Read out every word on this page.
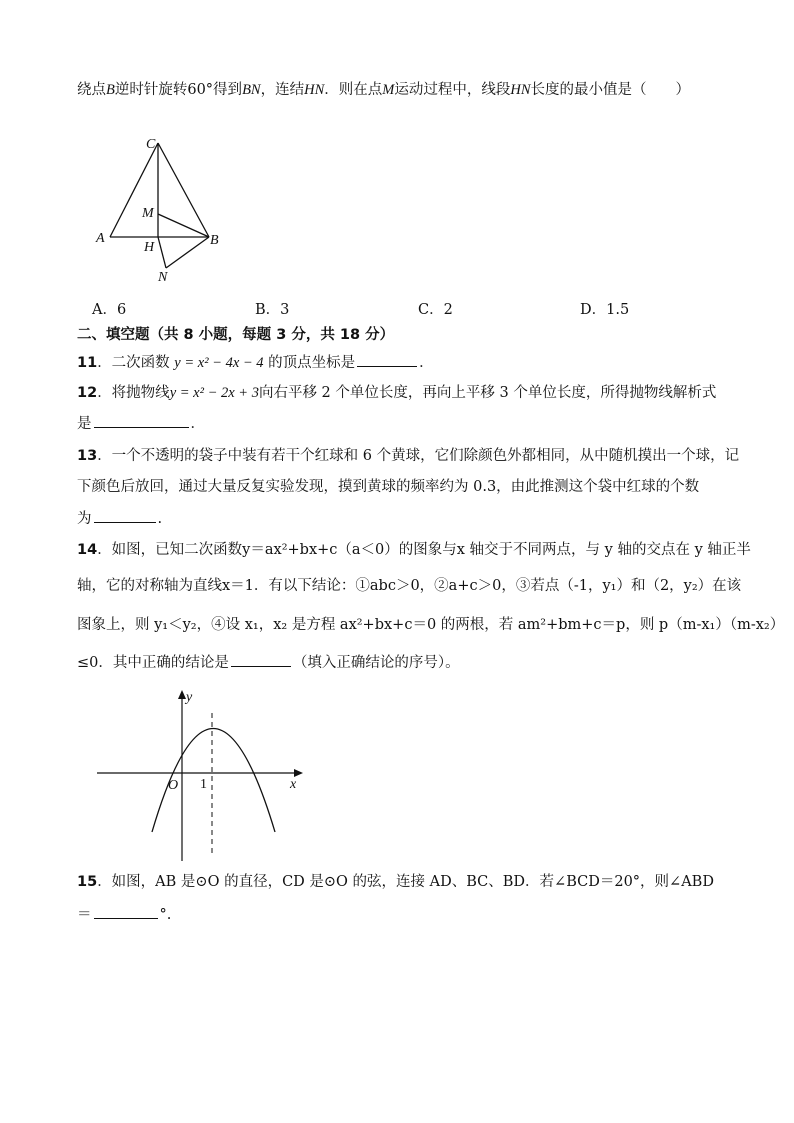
绕点B逆时针旋转60°得到BN，连结HN．则在点M运动过程中，线段HN长度的最小值是（　　）
C
M
A
H	B
N
A．6	B．3	C．2	D．1.5
二、填空题（共 8 小题，每题 3 分，共 18 分）
11．二次函数 y = x² − 4x − 4 的顶点坐标是	．
12．将抛物线y = x² − 2x + 3向右平移 2 个单位长度，再向上平移 3 个单位长度，所得抛物线解析式
是	．
13．一个不透明的袋子中装有若干个红球和 6 个黄球，它们除颜色外都相同，从中随机摸出一个球，记
下颜色后放回，通过大量反复实验发现，摸到黄球的频率约为 0.3，由此推测这个袋中红球的个数
为	.
14．如图，已知二次函数y＝ax²+bx+c（a＜0）的图象与x 轴交于不同两点，与 y 轴的交点在 y 轴正半
轴，它的对称轴为直线x＝1．有以下结论：①abc＞0，②a+c＞0，③若点（-1，y₁）和（2，y₂）在该
图象上，则 y₁＜y₂，④设 x₁，x₂ 是方程 ax²+bx+c＝0 的两根，若 am²+bm+c＝p，则 p（m-x₁）（m-x₂）
≤0．其中正确的结论是	（填入正确结论的序号）。
y
x
O 1
15．如图，AB 是⊙O 的直径，CD 是⊙O 的弦，连接 AD、BC、BD．若∠BCD＝20°，则∠ABD
＝	°.
